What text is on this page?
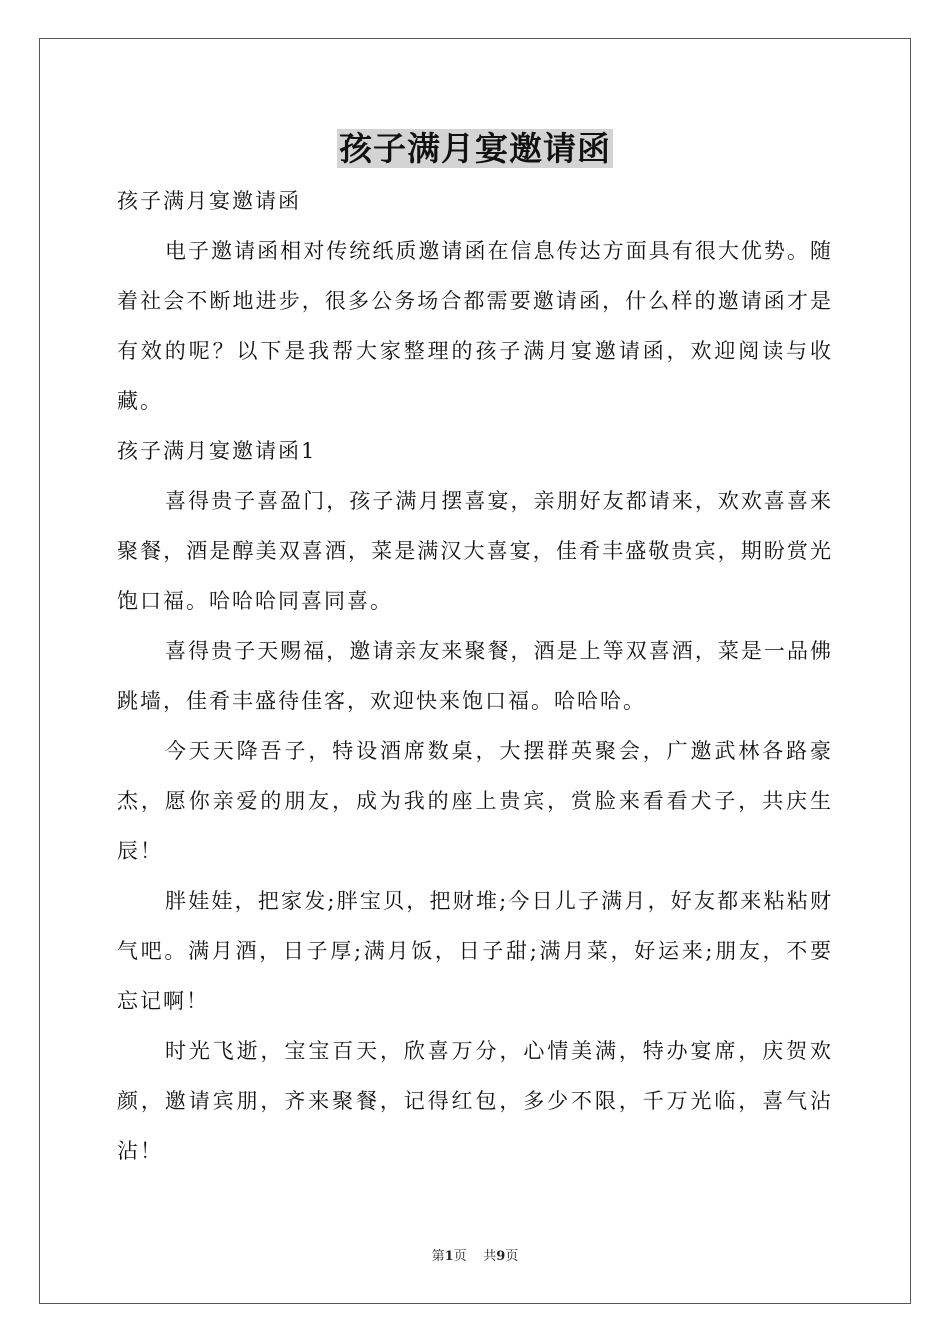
孩子满月宴邀请函

孩子满月宴邀请函

电子邀请函相对传统纸质邀请函在信息传达方面具有很大优势。随着社会不断地进步，很多公务场合都需要邀请函，什么样的邀请函才是有效的呢？以下是我帮大家整理的孩子满月宴邀请函，欢迎阅读与收藏。

孩子满月宴邀请函1

喜得贵子喜盈门，孩子满月摆喜宴，亲朋好友都请来，欢欢喜喜来聚餐，酒是醇美双喜酒，菜是满汉大喜宴，佳肴丰盛敬贵宾，期盼赏光饱口福。哈哈哈同喜同喜。

喜得贵子天赐福，邀请亲友来聚餐，酒是上等双喜酒，菜是一品佛跳墙，佳肴丰盛待佳客，欢迎快来饱口福。哈哈哈。

今天天降吾子，特设酒席数桌，大摆群英聚会，广邀武林各路豪杰，愿你亲爱的朋友，成为我的座上贵宾，赏脸来看看犬子，共庆生辰！

胖娃娃，把家发;胖宝贝，把财堆;今日儿子满月，好友都来粘粘财气吧。满月酒，日子厚;满月饭，日子甜;满月菜，好运来;朋友，不要忘记啊！

时光飞逝，宝宝百天，欣喜万分，心情美满，特办宴席，庆贺欢颜，邀请宾朋，齐来聚餐，记得红包，多少不限，千万光临，喜气沾沾！

第1页 共9页
